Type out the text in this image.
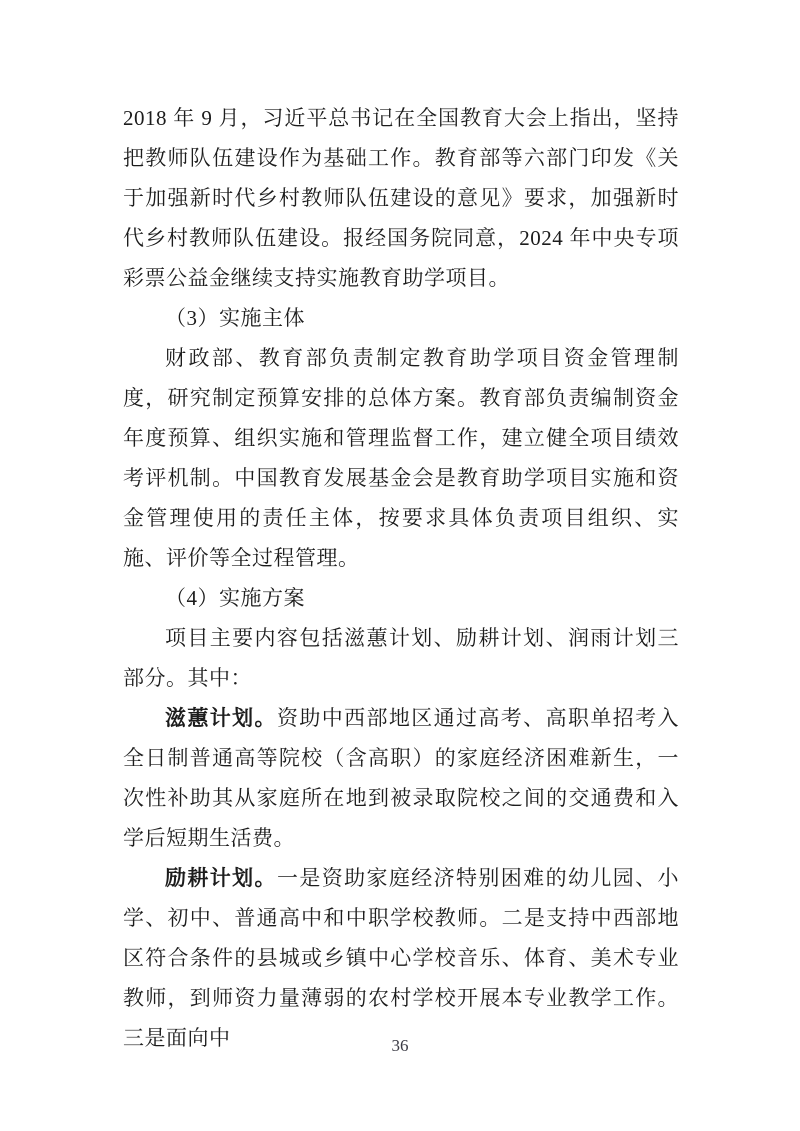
2018 年 9 月，习近平总书记在全国教育大会上指出，坚持把教师队伍建设作为基础工作。教育部等六部门印发《关于加强新时代乡村教师队伍建设的意见》要求，加强新时代乡村教师队伍建设。报经国务院同意，2024 年中央专项彩票公益金继续支持实施教育助学项目。

（3）实施主体

财政部、教育部负责制定教育助学项目资金管理制度，研究制定预算安排的总体方案。教育部负责编制资金年度预算、组织实施和管理监督工作，建立健全项目绩效考评机制。中国教育发展基金会是教育助学项目实施和资金管理使用的责任主体，按要求具体负责项目组织、实施、评价等全过程管理。

（4）实施方案

项目主要内容包括滋蕙计划、励耕计划、润雨计划三部分。其中：

滋蕙计划。资助中西部地区通过高考、高职单招考入全日制普通高等院校（含高职）的家庭经济困难新生，一次性补助其从家庭所在地到被录取院校之间的交通费和入学后短期生活费。

励耕计划。一是资助家庭经济特别困难的幼儿园、小学、初中、普通高中和中职学校教师。二是支持中西部地区符合条件的县城或乡镇中心学校音乐、体育、美术专业教师，到师资力量薄弱的农村学校开展本专业教学工作。三是面向中	36
